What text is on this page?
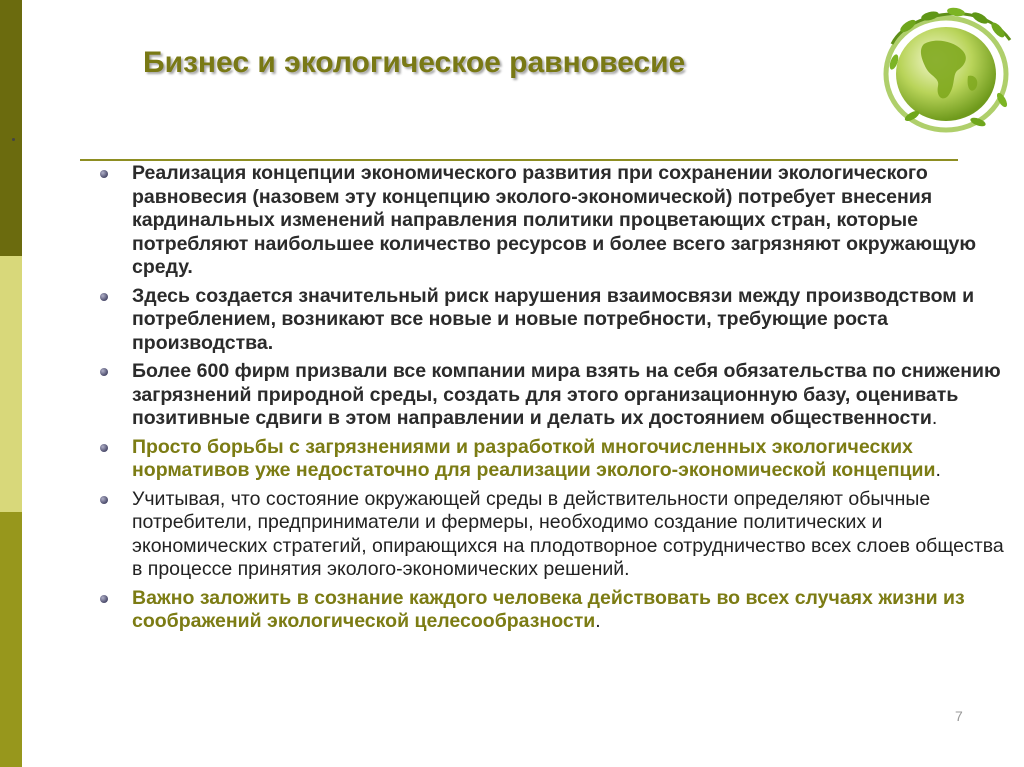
Бизнес и экологическое равновесие
Реализация концепции экономического развития при сохранении экологического равновесия (назовем эту концепцию эколого-экономической) потребует внесения кардинальных изменений направления политики процветающих стран, которые потребляют наибольшее количество ресурсов и более всего загрязняют окружающую среду.
Здесь создается значительный риск нарушения взаимосвязи между производством и потреблением, возникают все новые и новые потребности, требующие роста производства.
Более 600 фирм призвали все компании мира взять на себя обязательства по снижению загрязнений природной среды, создать для этого организационную базу, оценивать позитивные сдвиги в этом направлении и делать их достоянием общественности.
Просто борьбы с загрязнениями и разработкой многочисленных экологических нормативов уже недостаточно для реализации эколого-экономической концепции.
Учитывая, что состояние окружающей среды в действительности определяют обычные потребители, предприниматели и фермеры, необходимо создание политических и экономических стратегий, опирающихся на плодотворное сотрудничество всех слоев общества в процессе принятия эколого-экономических решений.
Важно заложить в сознание каждого человека действовать во всех случаях жизни из соображений экологической целесообразности.
7
